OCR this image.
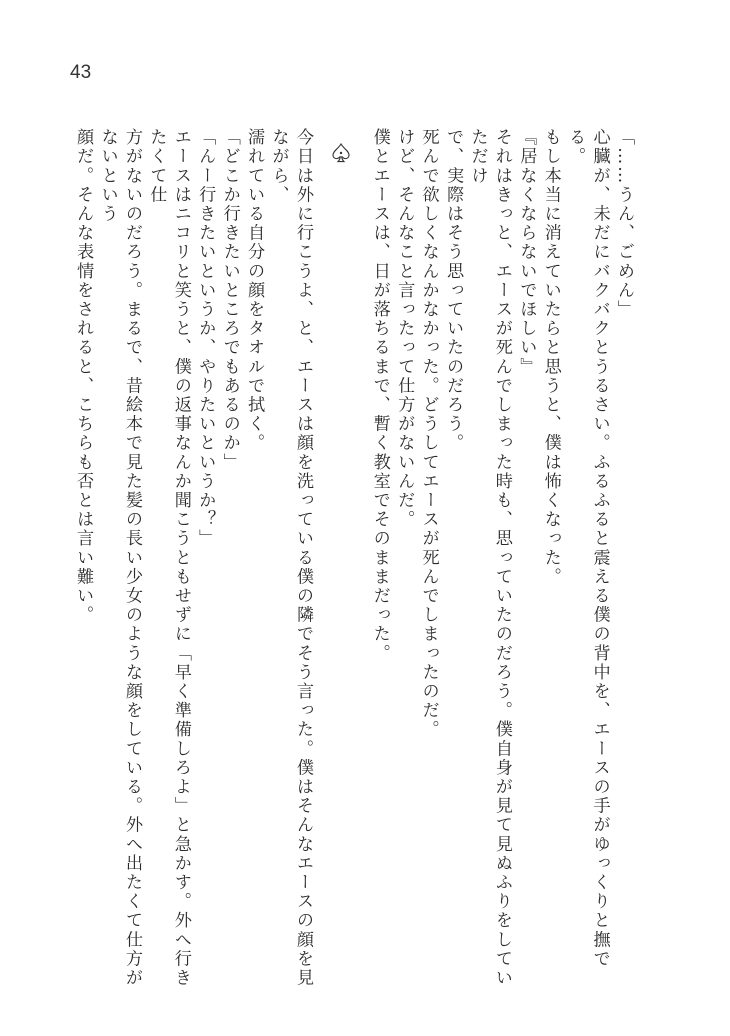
43

「……うん、ごめん」

心臓が、未だにバクバクとうるさい。ふるふると震える僕の背中を、エースの手がゆっくりと撫でる。

もし本当に消えていたらと思うと、僕は怖くなった。

『居なくならないでほしい』

それはきっと、エースが死んでしまった時も、思っていたのだろう。僕自身が見て見ぬふりをしていただけ

で、実際はそう思っていたのだろう。

死んで欲しくなんかなかった。どうしてエースが死んでしまったのだ。

けど、そんなこと言ったって仕方がないんだ。

僕とエースは、日が落ちるまで、暫く教室でそのままだった。

今日は外に行こうよ、と、エースは顔を洗っている僕の隣でそう言った。僕はそんなエースの顔を見ながら、

濡れている自分の顔をタオルで拭く。

「どこか行きたいところでもあるのか」

「んー行きたいというか、やりたいというか？」

エースはニコリと笑うと、僕の返事なんか聞こうともせずに「早く準備しろよ」と急かす。外へ行きたくて仕

方がないのだろう。まるで、昔絵本で見た髪の長い少女のような顔をしている。外へ出たくて仕方がないという

顔だ。そんな表情をされると、こちらも否とは言い難い。
